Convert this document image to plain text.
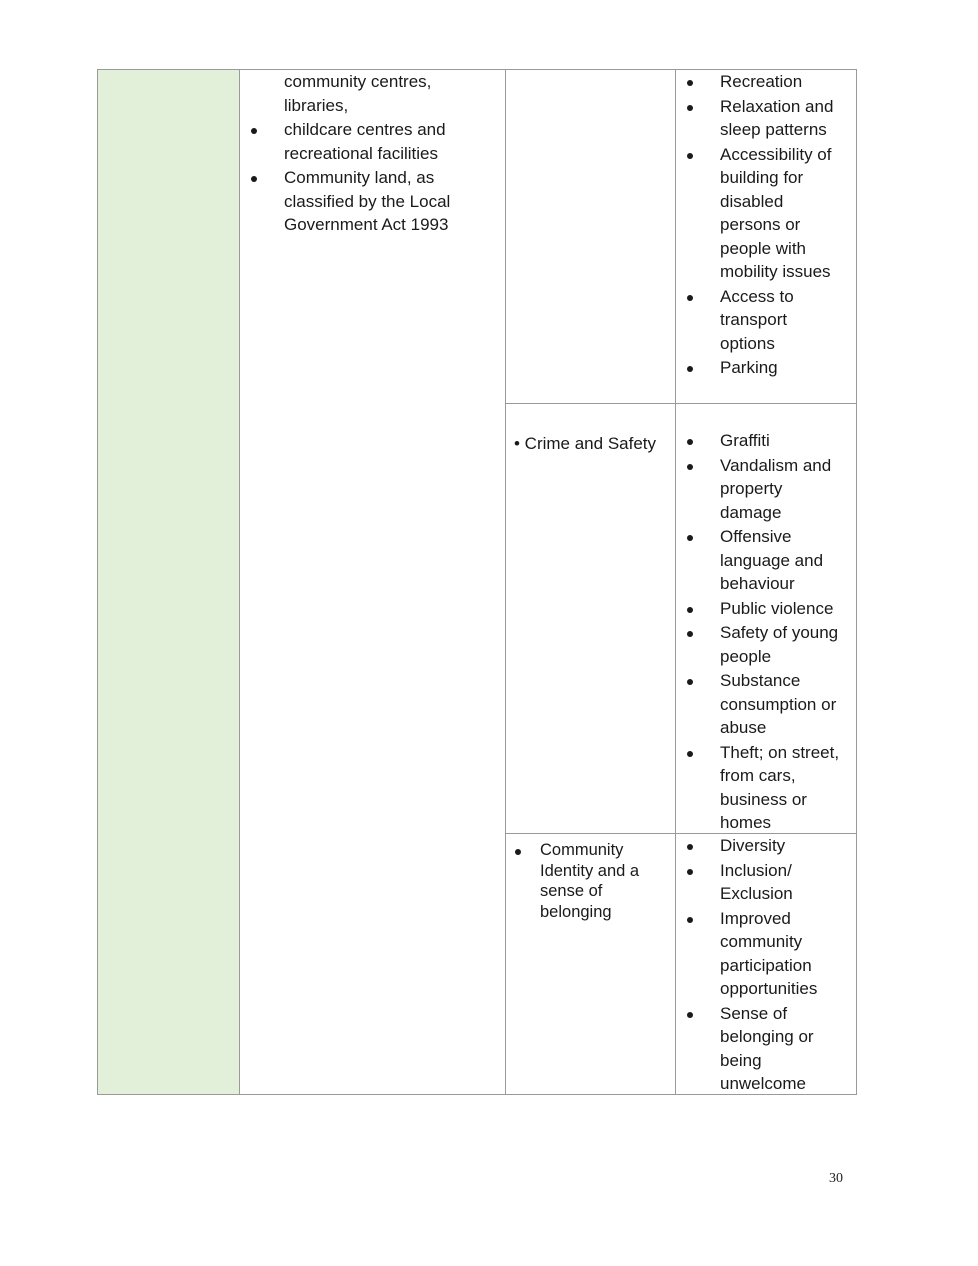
community centres,
libraries,
childcare centres and
recreational facilities
Community land, as
classified by the Local
Government Act 1993
Recreation
Relaxation and
sleep patterns
Accessibility of
building for
disabled
persons or
people with
mobility issues
Access to
transport
options
Parking
• Crime and Safety	Graffiti
Vandalism and
property
damage
Offensive
language and
behaviour
Public violence
Safety of young
people
Substance
consumption or
abuse
Theft; on street,
from cars,
business or
homes
Community
Identity and a
sense of
belonging
Diversity
Inclusion/
Exclusion
Improved
community
participation
opportunities
Sense of
belonging or
being
unwelcome
30
